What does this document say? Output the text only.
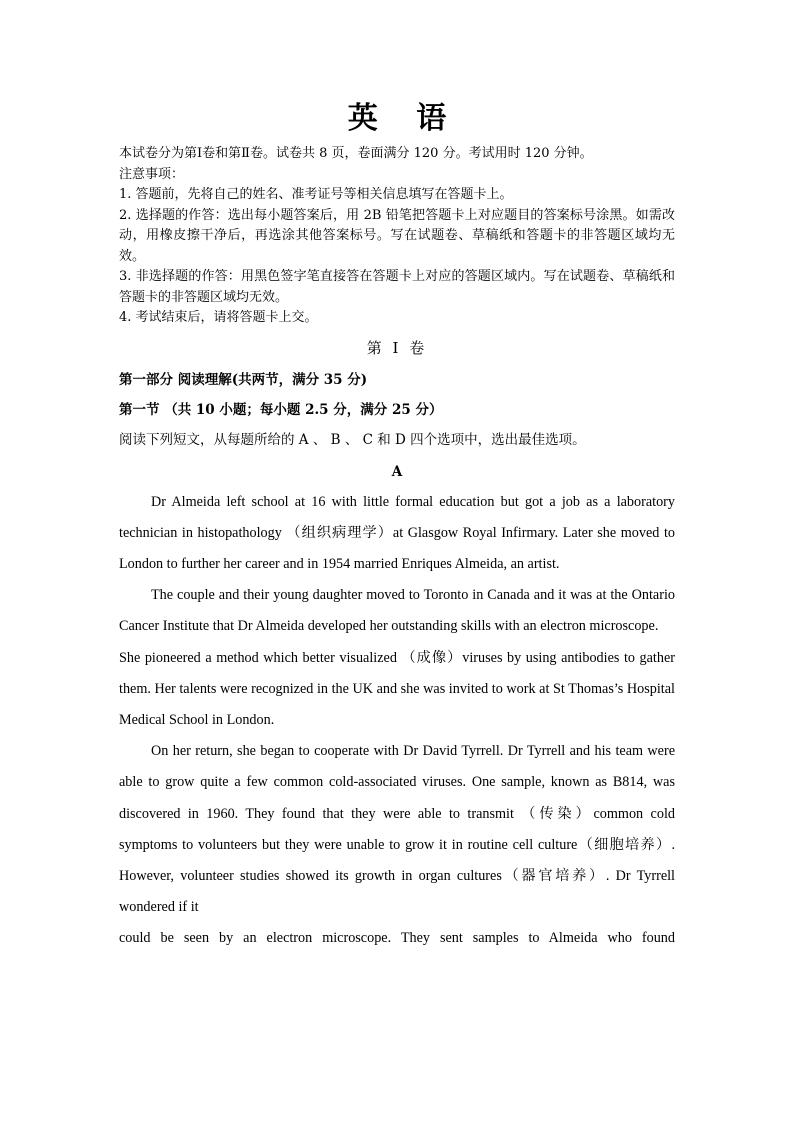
英 语

本试卷分为第Ⅰ卷和第Ⅱ卷。试卷共 8 页，卷面满分 120 分。考试用时 120 分钟。

注意事项：

1. 答题前，先将自己的姓名、准考证号等相关信息填写在答题卡上。

2. 选择题的作答：选出每小题答案后，用 2B 铅笔把答题卡上对应题目的答案标号涂黑。如需改动，用橡皮擦干净后，再选涂其他答案标号。写在试题卷、草稿纸和答题卡的非答题区域均无效。

3. 非选择题的作答：用黑色签字笔直接答在答题卡上对应的答题区域内。写在试题卷、草稿纸和答题卡的非答题区域均无效。

4. 考试结束后，请将答题卡上交。

第 Ⅰ 卷

第一部分 阅读理解(共两节，满分 35 分)

第一节 （共 10 小题；每小题 2.5 分，满分 25 分）

阅读下列短文，从每题所给的 A 、 B 、 C 和 D 四个选项中，选出最佳选项。

A

Dr Almeida left school at 16 with little formal education but got a job as a laboratory technician in histopathology （组织病理学）at Glasgow Royal Infirmary. Later she moved to London to further her career and in 1954 married Enriques Almeida, an artist.

The couple and their young daughter moved to Toronto in Canada and it was at the Ontario Cancer Institute that Dr Almeida developed her outstanding skills with an electron microscope.

She pioneered a method which better visualized （成像）viruses by using antibodies to gather them. Her talents were recognized in the UK and she was invited to work at St Thomas’s Hospital Medical School in London.

On her return, she began to cooperate with Dr David Tyrrell. Dr Tyrrell and his team were able to grow quite a few common cold-associated viruses. One sample, known as B814, was discovered in 1960. They found that they were able to transmit （传染）common cold symptoms to volunteers but they were unable to grow it in routine cell culture（细胞培养）. However, volunteer studies showed its growth in organ cultures（器官培养）. Dr Tyrrell wondered if it

could be seen by an electron microscope. They sent samples to Almeida who found
